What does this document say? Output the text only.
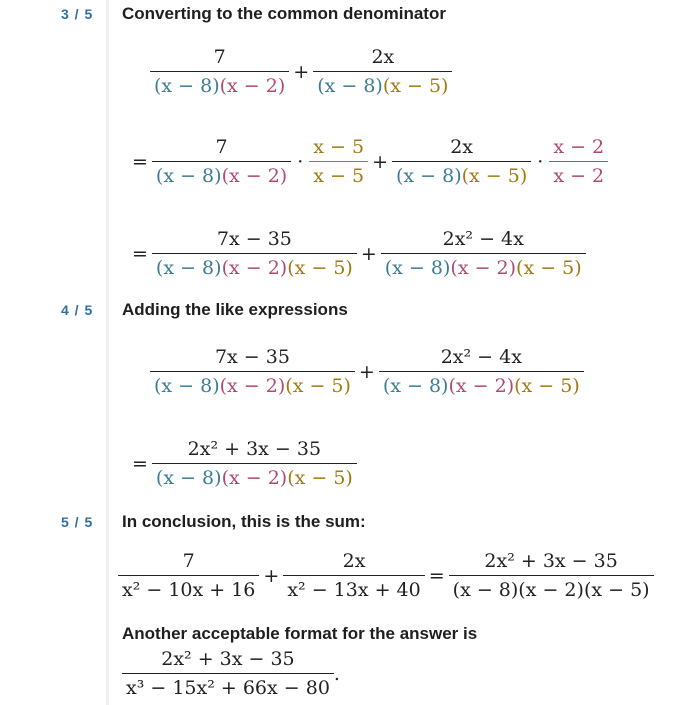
3 / 5 Converting to the common denominator
$\frac{7}{(x - 8)(x - 2)} + \frac{2x}{(x - 8)(x - 5)}$
= $\frac{7}{(x - 8)(x - 2)} \cdot \frac{x - 5}{x - 5} + \frac{2x}{(x - 8)(x - 5)} \cdot \frac{x - 2}{x - 2}$
= $\frac{7x - 35}{(x - 8)(x - 2)(x - 5)} + \frac{\text{2x² − 4x}}{(x - 8)(x - 2)(x - 5)}$
4 / 5 Adding the like expressions
$\frac{7x - 35}{(x - 8)(x - 2)(x - 5)} + \frac{\text{2x² − 4x}}{(x - 8)(x - 2)(x - 5)}$
= $\frac{\text{2x² + 3x − 35}}{(x - 8)(x - 2)(x - 5)}$
5 / 5 In conclusion, this is the sum:
$\frac{7}{\text{x² − 10x + 16}} + \frac{2x}{\text{x² − 13x + 40}} = \frac{\text{2x² + 3x − 35}}{(x - 8)(x - 2)(x - 5)}$
Another acceptable format for the answer is
$\frac{\text{2x² + 3x − 35}}{\text{x³ − 15x² + 66x − 80}}$ .
